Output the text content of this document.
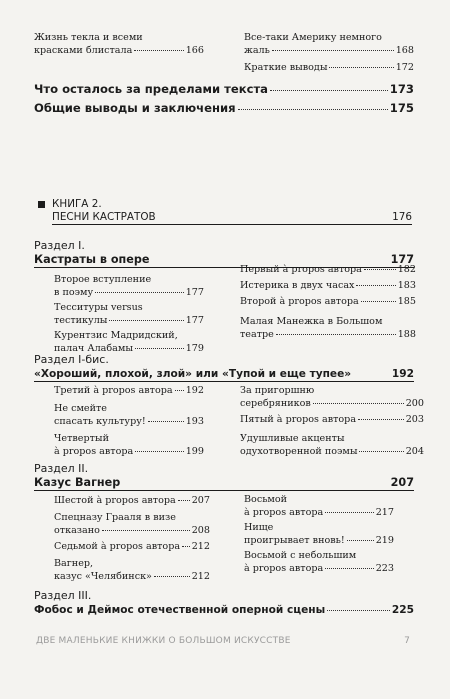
Жизнь текла и всеми
красками блистала	166
Все-таки Америку немного
жаль	168
Краткие выводы	172
Что осталось за пределами текста	173
Общие выводы и заключения	175
КНИГА 2.
ПЕСНИ КАСТРАТОВ	176
Раздел I.
Кастраты в опере	177
Второе вступление
в поэму	177
Тесситуры versus
тестикулы	177
Курентзис Мадридский,
палач Алабамы	179
Первый à propos автора	182
Истерика в двух часах	183
Второй à propos автора	185
Малая Манежка в Большом
театре	188
Раздел I-бис.
«Хороший, плохой, злой» или «Тупой и еще тупее»	192
Третий à propos автора 192
Не смейте
спасать культуру!	193
Четвертый
à propos автора	199
За пригоршню
серебряников	200
Пятый à propos автора	203
Удушливые акценты
одухотворенной поэмы	204
Раздел II.
Казус Вагнер	207
Шестой à propos автора 207
Спецназу Грааля в визе
отказано	208
Седьмой à propos автора 212
Вагнер,
казус «Челябинск»	212
Восьмой
à propos автора	217
Нище
проигрывает вновь!	219
Восьмой с небольшим
à propos автора	223
Раздел III.
Фобос и Деймос отечественной оперной сцены	225
ДВЕ МАЛЕНЬКИЕ КНИЖКИ О БОЛЬШОМ ИСКУССТВЕ	7
